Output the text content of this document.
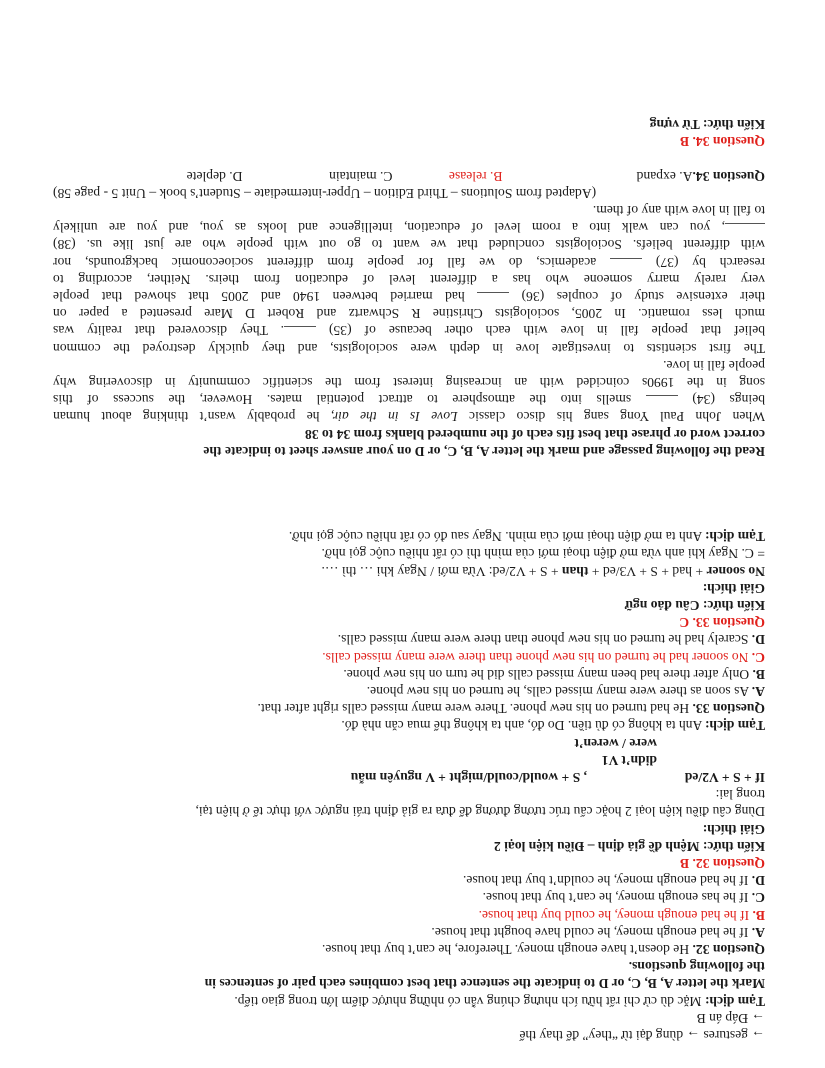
→ gestures → dùng đại từ “they” để thay thế
→ Đáp án B
Tạm dịch: Mặc dù cử chỉ rất hữu ích nhưng chúng vẫn có những nhược điểm lớn trong giao tiếp.
Mark the letter A, B, C, or D to indicate the sentence that best combines each pair of sentences in
the following questions.
Question 32. He doesn’t have enough money. Therefore, he can’t buy that house.
A. If he had enough money, he could have bought that house.
B. If he had enough money, he could buy that house.
C. If he has enough money, he can’t buy that house.
D. If he had enough money, he couldn’t buy that house.
Question 32. B
Kiến thức: Mệnh đề giả định – Điều kiện loại 2
Giải thích:
Dùng câu điều kiện loại 2 hoặc cấu trúc tương đương để đưa ra giả định trái ngược với thực tế ở hiện tại,
trong lai:
If + S + V2/ed, S + would/could/might + V nguyên mẫu
didn’t V1
were / weren’t
Tạm dịch: Anh ta không có đủ tiền. Do đó, anh ta không thể mua căn nhà đó.
Question 33. He had turned on his new phone. There were many missed calls right after that.
A. As soon as there were many missed calls, he turned on his new phone.
B. Only after there had been many missed calls did he turn on his new phone.
C. No sooner had he turned on his new phone than there were many missed calls.
D. Scarely had he turned on his new phone than there were many missed calls.
Question 33. C
Kiến thức: Câu đảo ngữ
Giải thích:
No sooner + had + S + V3/ed + than + S + V2/ed: Vừa mới / Ngay khi … thì ….
= C. Ngay khi anh vừa mở điện thoại mới của mình thì có rất nhiều cuộc gọi nhỡ.
Tạm dịch: Anh ta mở điện thoại mới của mình. Ngay sau đó có rất nhiều cuộc gọi nhỡ.
Read the following passage and mark the letter A, B, C, or D on your answer sheet to indicate the
correct word or phrase that best fits each of the numbered blanks from 34 to 38
When John Paul Yong sang his disco classic Love Is in the air, he probably wasn’t thinking about human
beings (34)  smells into the atmosphere to attract potential mates. However, the success of this
song in the 1990s coincided with an increasing interest from the scientific community in discovering why
people fall in love.
The first scientists to investigate love in depth were sociologists, and they quickly destroyed the common
belief that people fall in love with each other because of (35) . They discovered that reality was
much less romantic. In 2005, sociologists Christine R Schwartz and Robert D Mare presented a paper on
their extensive study of couples (36)  had married between 1940 and 2005 that showed that people
very rarely marry someone who has a different level of education from theirs. Neither, according to
research by (37)  academics, do we fall for people from different socioeconomic backgrounds, nor
with different beliefs. Sociologists concluded that we want to go out with people who are just like us. (38)
, you can walk into a room level of education, intelligence and looks as you, and you are unlikely
to fall in love with any of them.
(Adapted from Solutions – Third Edition – Upper-intermediate – Student’s book – Unit 5 - page 58)
Question 34.
A. expand
B. release
C. maintain
D. deplete
Question 34. B
Kiến thức: Từ vựng
